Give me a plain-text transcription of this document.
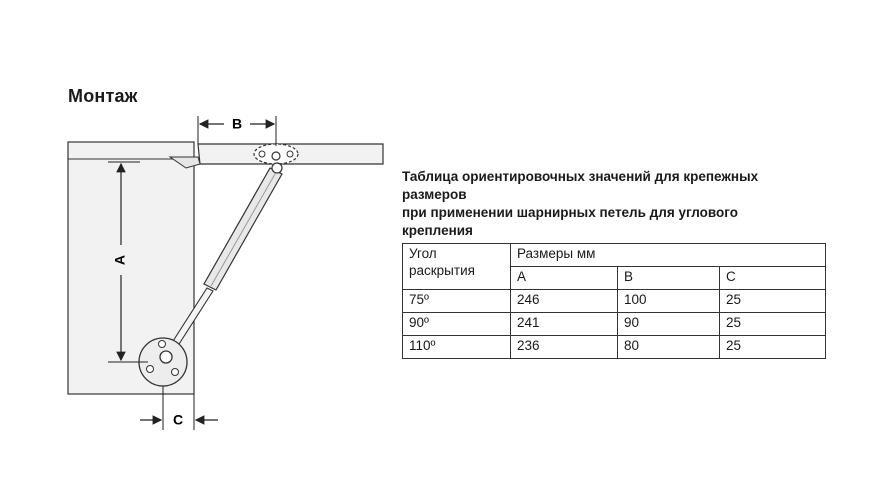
Монтаж
A
B
C
Таблица ориентировочных значений для крепежных
размеров
при применении шарнирных петель для углового
крепления
Угол
раскрытия	Размеры мм		
	A	B	C
75º	246	100	25
90º	241	90	25
110º	236	80	25
